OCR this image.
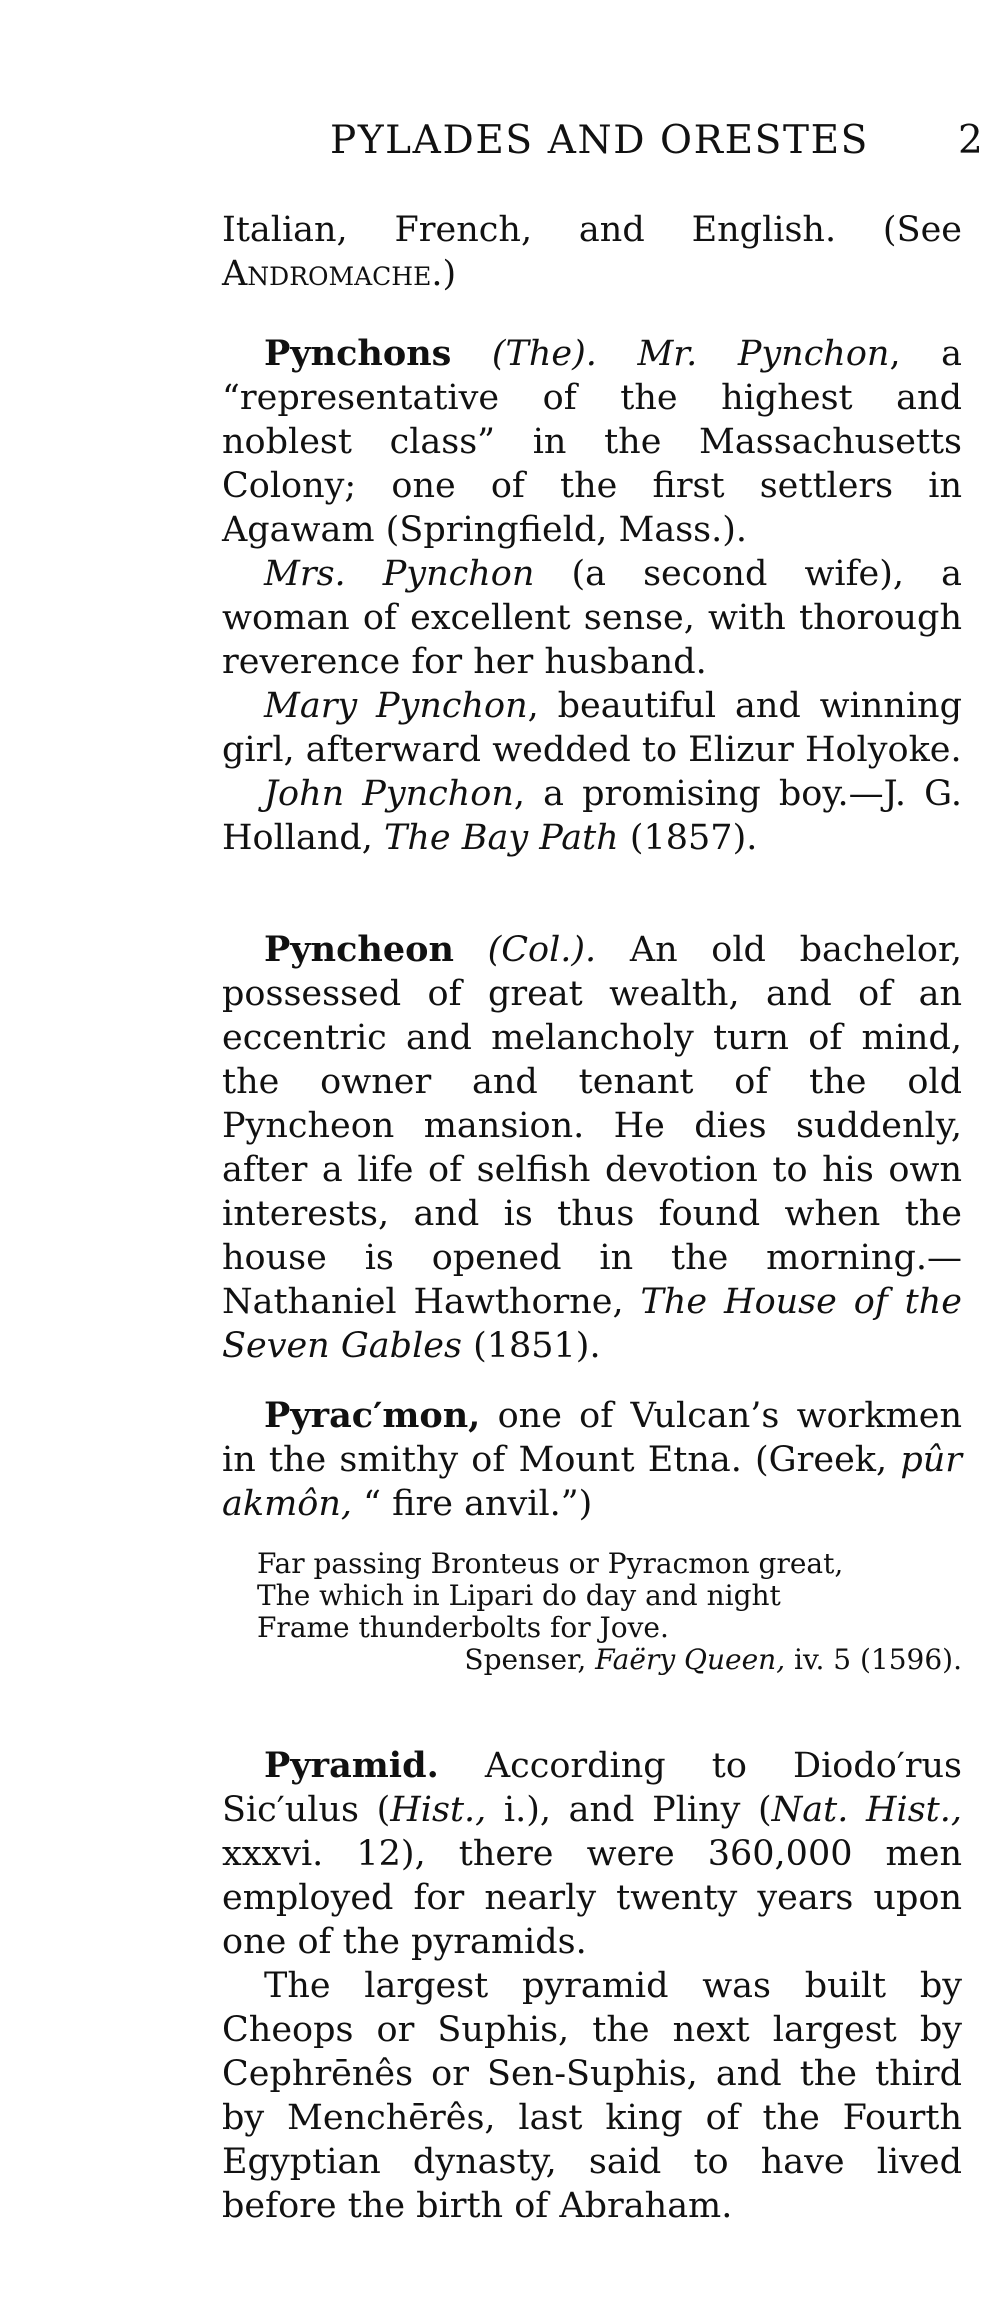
PYLADES AND ORESTES 2

Italian, French, and English. (See Andromache.)

Pynchons (The). Mr. Pynchon, a “representative of the highest and noblest class” in the Massachusetts Colony; one of the first settlers in Agawam (Springfield, Mass.).

Mrs. Pynchon (a second wife), a woman of excellent sense, with thorough reverence for her husband.

Mary Pynchon, beautiful and winning girl, afterward wedded to Elizur Holyoke.

John Pynchon, a promising boy.—J. G. Holland, The Bay Path (1857).

Pyncheon (Col.). An old bachelor, possessed of great wealth, and of an eccentric and melancholy turn of mind, the owner and tenant of the old Pyncheon mansion. He dies suddenly, after a life of selfish devotion to his own interests, and is thus found when the house is opened in the morning.— Nathaniel Hawthorne, The House of the Seven Gables (1851).

Pyrac′mon, one of Vulcan’s workmen in the smithy of Mount Etna. (Greek, pûr akmôn, “ fire anvil.”)

Far passing Bronteus or Pyracmon great,
The which in Lipari do day and night
Frame thunderbolts for Jove.
Spenser, Faëry Queen, iv. 5 (1596).

Pyramid. According to Diodo′rus Sic′ulus (Hist., i.), and Pliny (Nat. Hist., xxxvi. 12), there were 360,000 men employed for nearly twenty years upon one of the pyramids.

The largest pyramid was built by Cheops or Suphis, the next largest by Cephrēnês or Sen-Suphis, and the third by Menchērês, last king of the Fourth Egyptian dynasty, said to have lived before the birth of Abraham.
